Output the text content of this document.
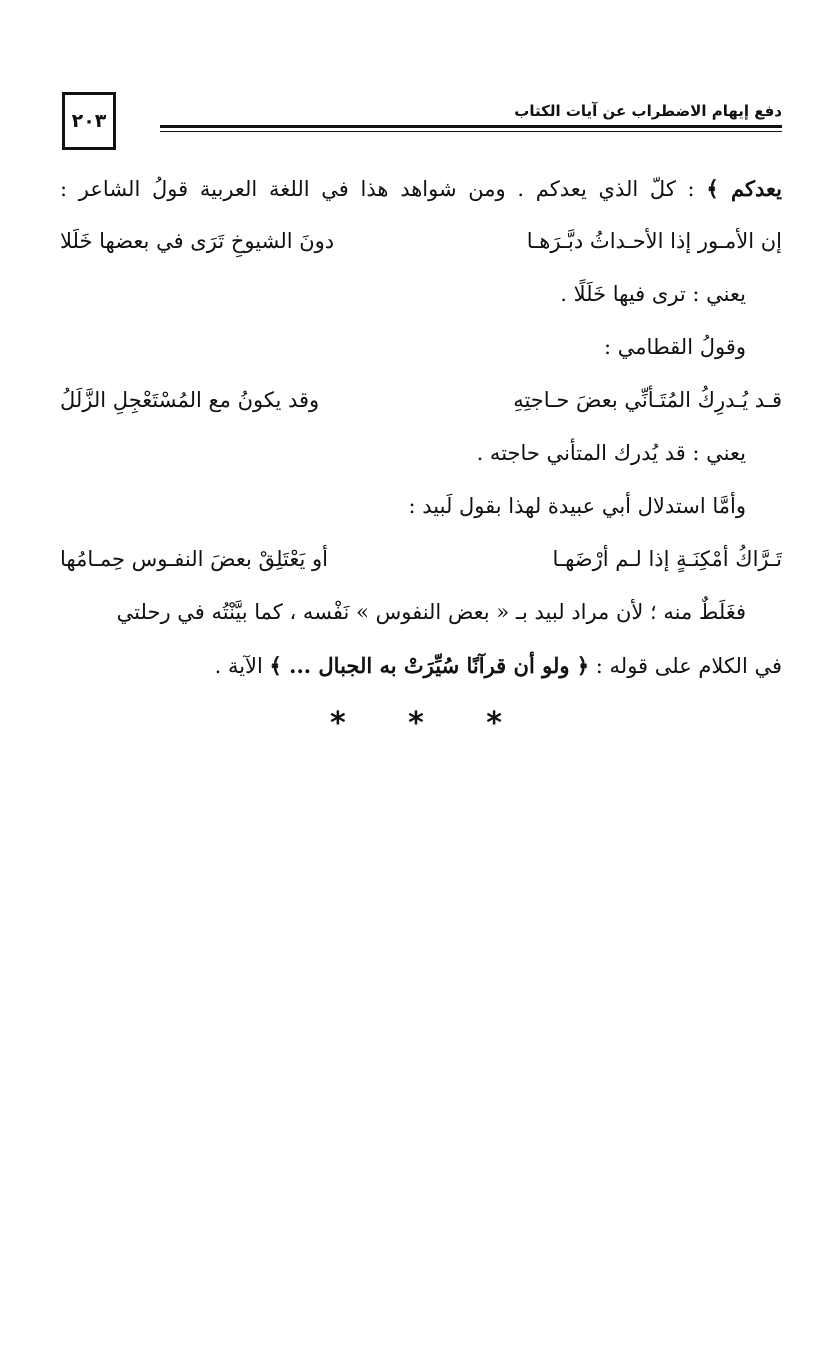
٢٠٣	دفع إيهام الاضطراب عن آيات الكتاب
يعدكم ﴾ : كلّ الذي يعدكم . ومن شواهد هذا في اللغة العربية قولُ الشاعر :
إن الأمـور إذا الأحـداثُ دبَّـرَهـا
دونَ الشيوخِ تَرَى في بعضها خَلَلا
يعني : ترى فيها خَلَلًا .
وقولُ القطامي :
قـد يُـدرِكُ المُتَـأنِّي بعضَ حـاجتِهِ
وقد يكونُ مع المُسْتَعْجِلِ الزَّلَلُ
يعني : قد يُدرك المتأني حاجته .
وأمَّا استدلال أبي عبيدة لهذا بقول لَبيد :
تَـرَّاكُ أمْكِنَـةٍ إذا لـم أرْضَهـا
أو يَعْتَلِقْ بعضَ النفـوس حِمـامُها
فغَلَطٌ منه ؛ لأن مراد لبيد بـ « بعض النفوس » نَفْسه ، كما بيَّنْتُه في رحلتي
في الكلام على قوله : ﴿ ولو أن قرآنًا سُيِّرَتْ به الجبال ... ﴾ الآية .
* * *
